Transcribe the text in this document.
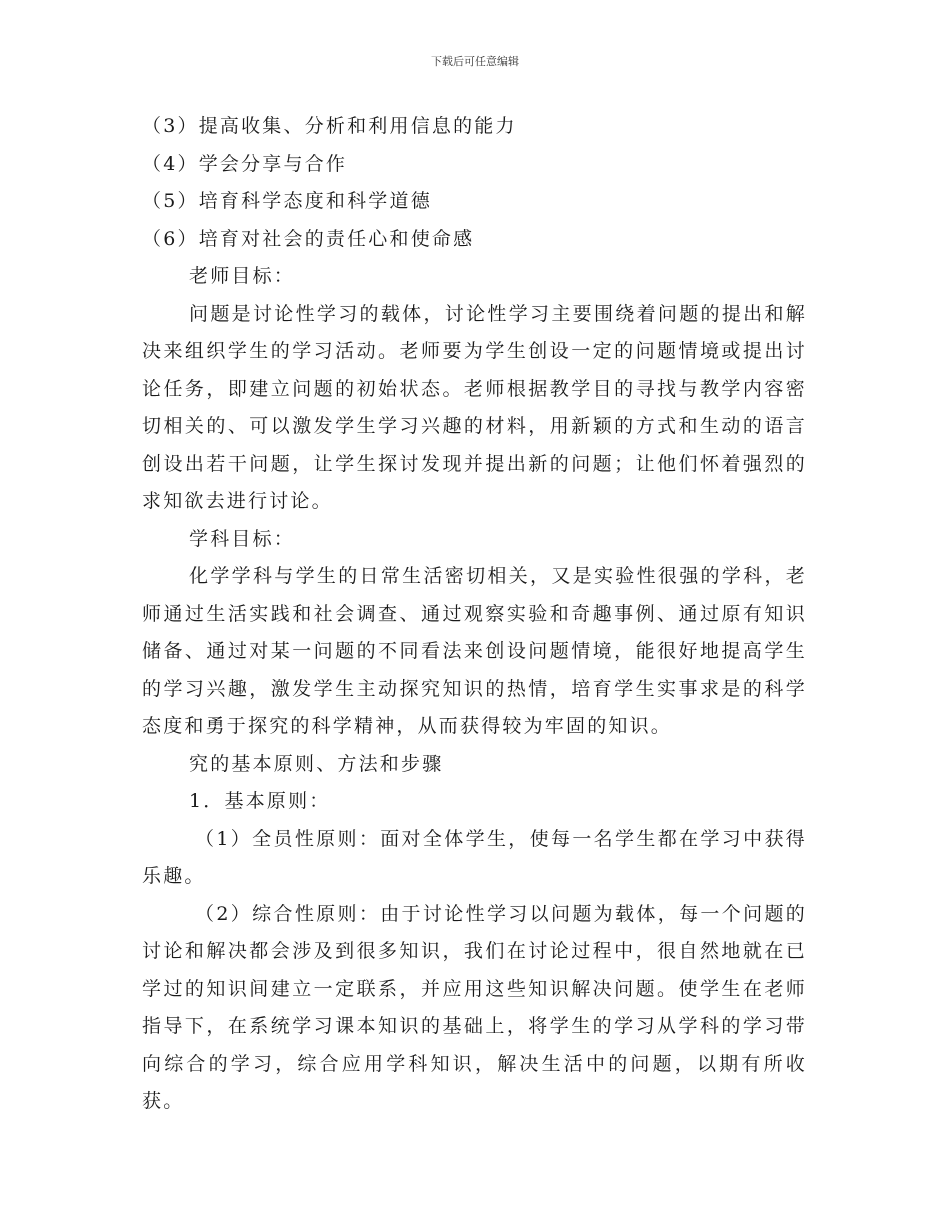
下载后可任意编辑

（3）提高收集、分析和利用信息的能力

（4）学会分享与合作

（5）培育科学态度和科学道德

（6）培育对社会的责任心和使命感

老师目标：

问题是讨论性学习的载体，讨论性学习主要围绕着问题的提出和解决来组织学生的学习活动。老师要为学生创设一定的问题情境或提出讨论任务，即建立问题的初始状态。老师根据教学目的寻找与教学内容密切相关的、可以激发学生学习兴趣的材料，用新颖的方式和生动的语言创设出若干问题，让学生探讨发现并提出新的问题；让他们怀着强烈的求知欲去进行讨论。

学科目标：

化学学科与学生的日常生活密切相关，又是实验性很强的学科，老师通过生活实践和社会调查、通过观察实验和奇趣事例、通过原有知识储备、通过对某一问题的不同看法来创设问题情境，能很好地提高学生的学习兴趣，激发学生主动探究知识的热情，培育学生实事求是的科学态度和勇于探究的科学精神，从而获得较为牢固的知识。

究的基本原则、方法和步骤

1．基本原则：

（1）全员性原则：面对全体学生，使每一名学生都在学习中获得乐趣。

（2）综合性原则：由于讨论性学习以问题为载体，每一个问题的讨论和解决都会涉及到很多知识，我们在讨论过程中，很自然地就在已学过的知识间建立一定联系，并应用这些知识解决问题。使学生在老师指导下，在系统学习课本知识的基础上，将学生的学习从学科的学习带向综合的学习，综合应用学科知识，解决生活中的问题，以期有所收获。
